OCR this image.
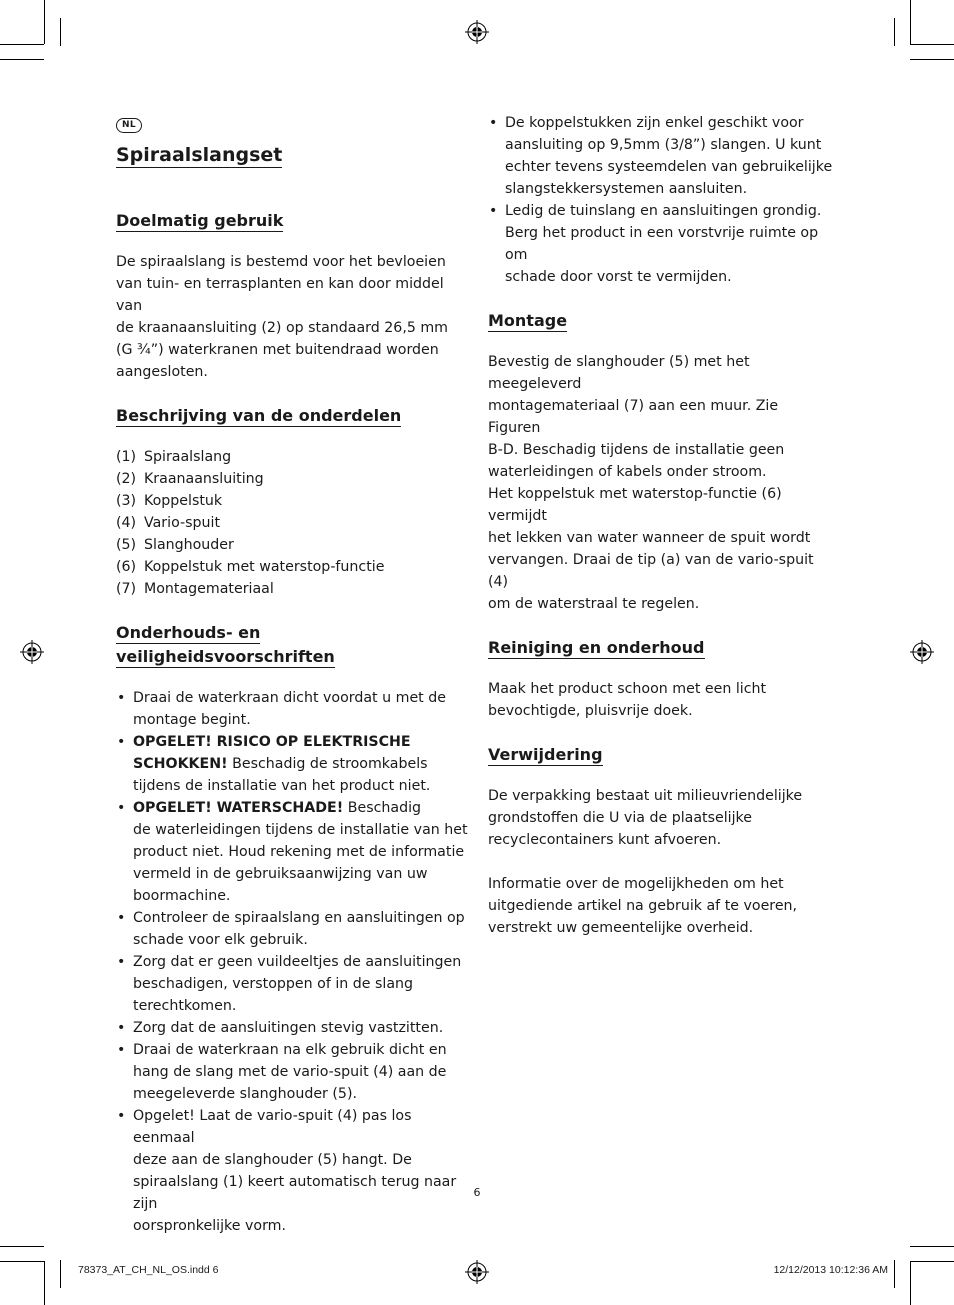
NL
Spiraalslangset
Doelmatig gebruik

De spiraalslang is bestemd voor het bevloeien
van tuin- en terrasplanten en kan door middel van
de kraanaansluiting (2) op standaard 26,5 mm
(G ¾”) waterkranen met buitendraad worden
aangesloten.

Beschrijving van de onderdelen
(1) Spiraalslang
(2) Kraanaansluiting
(3) Koppelstuk
(4) Vario-spuit
(5) Slanghouder
(6) Koppelstuk met waterstop-functie
(7) Montagemateriaal
Onderhouds- en
veiligheidsvoorschriften
• Draai de waterkraan dicht voordat u met de
montage begint.
• OPGELET! RISICO OP ELEKTRISCHE
SCHOKKEN! Beschadig de stroomkabels
tijdens de installatie van het product niet.
• OPGELET! WATERSCHADE! Beschadig
de waterleidingen tijdens de installatie van het
product niet. Houd rekening met de informatie
vermeld in de gebruiksaanwijzing van uw
boormachine.
• Controleer de spiraalslang en aansluitingen op
schade voor elk gebruik.
• Zorg dat er geen vuildeeltjes de aansluitingen
beschadigen, verstoppen of in de slang
terechtkomen.
• Zorg dat de aansluitingen stevig vastzitten.
• Draai de waterkraan na elk gebruik dicht en
hang de slang met de vario-spuit (4) aan de
meegeleverde slanghouder (5).
• Opgelet! Laat de vario-spuit (4) pas los eenmaal
deze aan de slanghouder (5) hangt. De
spiraalslang (1) keert automatisch terug naar zijn
oorspronkelijke vorm.
• De koppelstukken zijn enkel geschikt voor
aansluiting op 9,5mm (3/8”) slangen. U kunt
echter tevens systeemdelen van gebruikelijke
slangstekkersystemen aansluiten.
• Ledig de tuinslang en aansluitingen grondig.
Berg het product in een vorstvrije ruimte op om
schade door vorst te vermijden.
Montage

Bevestig de slanghouder (5) met het meegeleverd
montagemateriaal (7) aan een muur. Zie Figuren
B-D. Beschadig tijdens de installatie geen
waterleidingen of kabels onder stroom.
Het koppelstuk met waterstop-functie (6) vermijdt
het lekken van water wanneer de spuit wordt
vervangen. Draai de tip (a) van de vario-spuit (4)
om de waterstraal te regelen.

Reiniging en onderhoud

Maak het product schoon met een licht
bevochtigde, pluisvrije doek.

Verwijdering

De verpakking bestaat uit milieuvriendelijke
grondstoffen die U via de plaatselijke
recyclecontainers kunt afvoeren.

Informatie over de mogelijkheden om het
uitgediende artikel na gebruik af te voeren,
verstrekt uw gemeentelijke overheid.

6
78373_AT_CH_NL_OS.indd 6	12/12/2013 10:12:36 AM
